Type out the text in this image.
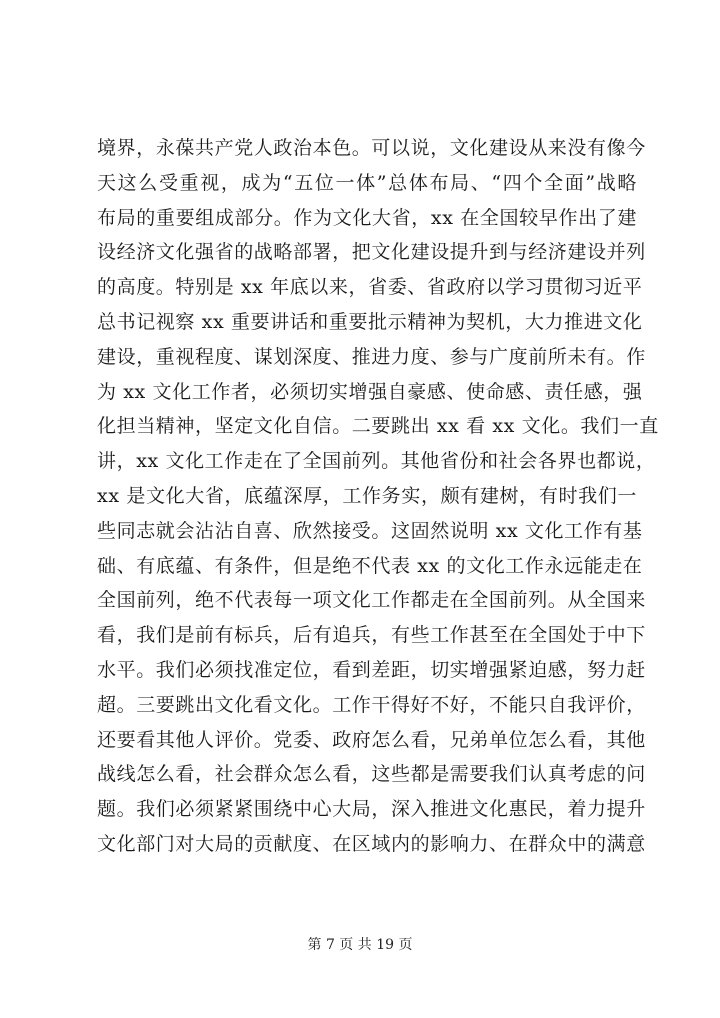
境界，永葆共产党人政治本色。可以说，文化建设从来没有像今
天这么受重视，成为“五位一体”总体布局、“四个全面”战略
布局的重要组成部分。作为文化大省，xx 在全国较早作出了建
设经济文化强省的战略部署，把文化建设提升到与经济建设并列
的高度。特别是 xx 年底以来，省委、省政府以学习贯彻习近平
总书记视察 xx 重要讲话和重要批示精神为契机，大力推进文化
建设，重视程度、谋划深度、推进力度、参与广度前所未有。作
为 xx 文化工作者，必须切实增强自豪感、使命感、责任感，强
化担当精神，坚定文化自信。二要跳出 xx 看 xx 文化。我们一直
讲，xx 文化工作走在了全国前列。其他省份和社会各界也都说，
xx 是文化大省，底蕴深厚，工作务实，颇有建树，有时我们一
些同志就会沾沾自喜、欣然接受。这固然说明 xx 文化工作有基
础、有底蕴、有条件，但是绝不代表 xx 的文化工作永远能走在
全国前列，绝不代表每一项文化工作都走在全国前列。从全国来
看，我们是前有标兵，后有追兵，有些工作甚至在全国处于中下
水平。我们必须找准定位，看到差距，切实增强紧迫感，努力赶
超。三要跳出文化看文化。工作干得好不好，不能只自我评价，
还要看其他人评价。党委、政府怎么看，兄弟单位怎么看，其他
战线怎么看，社会群众怎么看，这些都是需要我们认真考虑的问
题。我们必须紧紧围绕中心大局，深入推进文化惠民，着力提升
文化部门对大局的贡献度、在区域内的影响力、在群众中的满意
第 7 页 共 19 页
